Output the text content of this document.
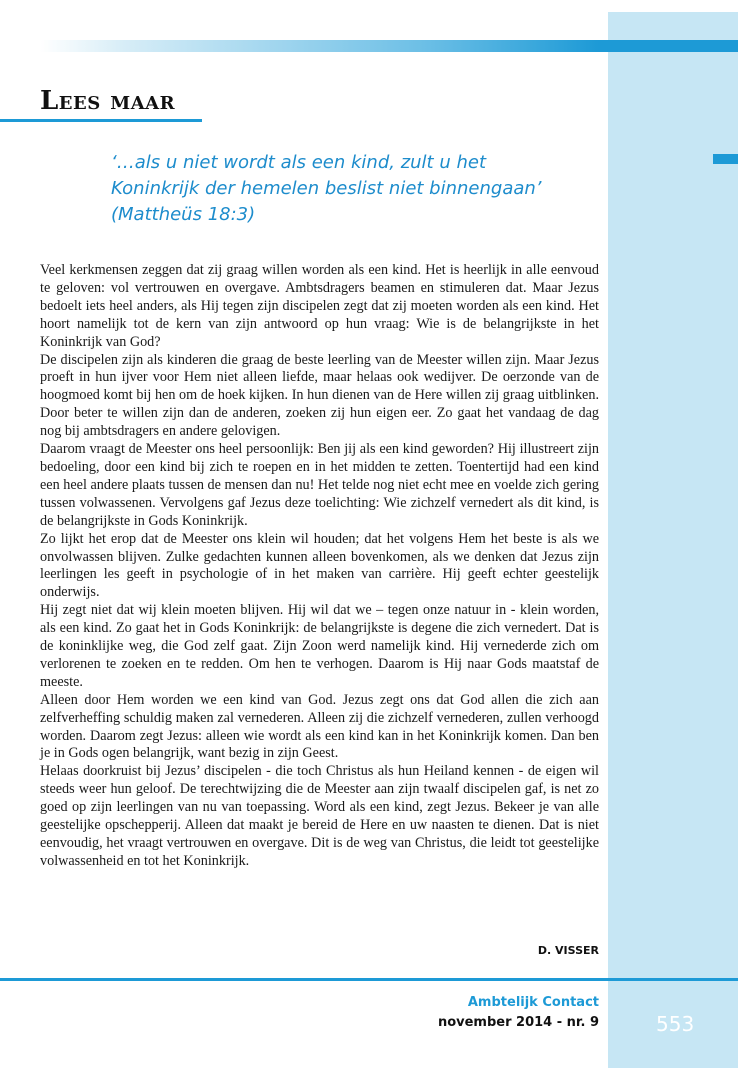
Lees maar
‘…als u niet wordt als een kind, zult u het
Koninkrijk der hemelen beslist niet binnengaan’
(Mattheüs 18:3)

Veel kerkmensen zeggen dat zij graag willen worden als een kind. Het is heerlijk in alle eenvoud te geloven: vol vertrouwen en overgave. Ambtsdragers beamen en stimuleren dat. Maar Jezus bedoelt iets heel anders, als Hij tegen zijn discipelen zegt dat zij moeten worden als een kind. Het hoort namelijk tot de kern van zijn antwoord op hun vraag: Wie is de belangrijkste in het Koninkrijk van God?

De discipelen zijn als kinderen die graag de beste leerling van de Meester willen zijn. Maar Jezus proeft in hun ijver voor Hem niet alleen liefde, maar helaas ook wedijver. De oerzonde van de hoogmoed komt bij hen om de hoek kijken. In hun dienen van de Here willen zij graag uitblinken. Door beter te willen zijn dan de anderen, zoeken zij hun eigen eer. Zo gaat het vandaag de dag nog bij ambtsdragers en andere gelovigen.

Daarom vraagt de Meester ons heel persoonlijk: Ben jij als een kind geworden? Hij illustreert zijn bedoeling, door een kind bij zich te roepen en in het midden te zetten. Toentertijd had een kind een heel andere plaats tussen de mensen dan nu! Het telde nog niet echt mee en voelde zich gering tussen volwassenen. Vervolgens gaf Jezus deze toelichting: Wie zichzelf vernedert als dit kind, is de belangrijkste in Gods Koninkrijk.

Zo lijkt het erop dat de Meester ons klein wil houden; dat het volgens Hem het beste is als we onvolwassen blijven. Zulke gedachten kunnen alleen bovenkomen, als we denken dat Jezus zijn leerlingen les geeft in psychologie of in het maken van carrière. Hij geeft echter geestelijk onderwijs.

Hij zegt niet dat wij klein moeten blijven. Hij wil dat we – tegen onze natuur in - klein worden, als een kind. Zo gaat het in Gods Koninkrijk: de belangrijkste is degene die zich vernedert. Dat is de koninklijke weg, die God zelf gaat. Zijn Zoon werd namelijk kind. Hij vernederde zich om verlorenen te zoeken en te redden. Om hen te verhogen. Daarom is Hij naar Gods maatstaf de meeste.

Alleen door Hem worden we een kind van God. Jezus zegt ons dat God allen die zich aan zelfverheffing schuldig maken zal vernederen. Alleen zij die zichzelf vernederen, zullen verhoogd worden. Daarom zegt Jezus: alleen wie wordt als een kind kan in het Koninkrijk komen. Dan ben je in Gods ogen belangrijk, want bezig in zijn Geest.

Helaas doorkruist bij Jezus’ discipelen - die toch Christus als hun Heiland kennen - de eigen wil steeds weer hun geloof. De terechtwijzing die de Meester aan zijn twaalf discipelen gaf, is net zo goed op zijn leerlingen van nu van toepassing. Word als een kind, zegt Jezus. Bekeer je van alle geestelijke opschepperij. Alleen dat maakt je bereid de Here en uw naasten te dienen. Dat is niet eenvoudig, het vraagt vertrouwen en overgave. Dit is de weg van Christus, die leidt tot geestelijke volwassenheid en tot het Koninkrijk.

D. VISSER
Ambtelijk Contact
november 2014 - nr. 9	553
